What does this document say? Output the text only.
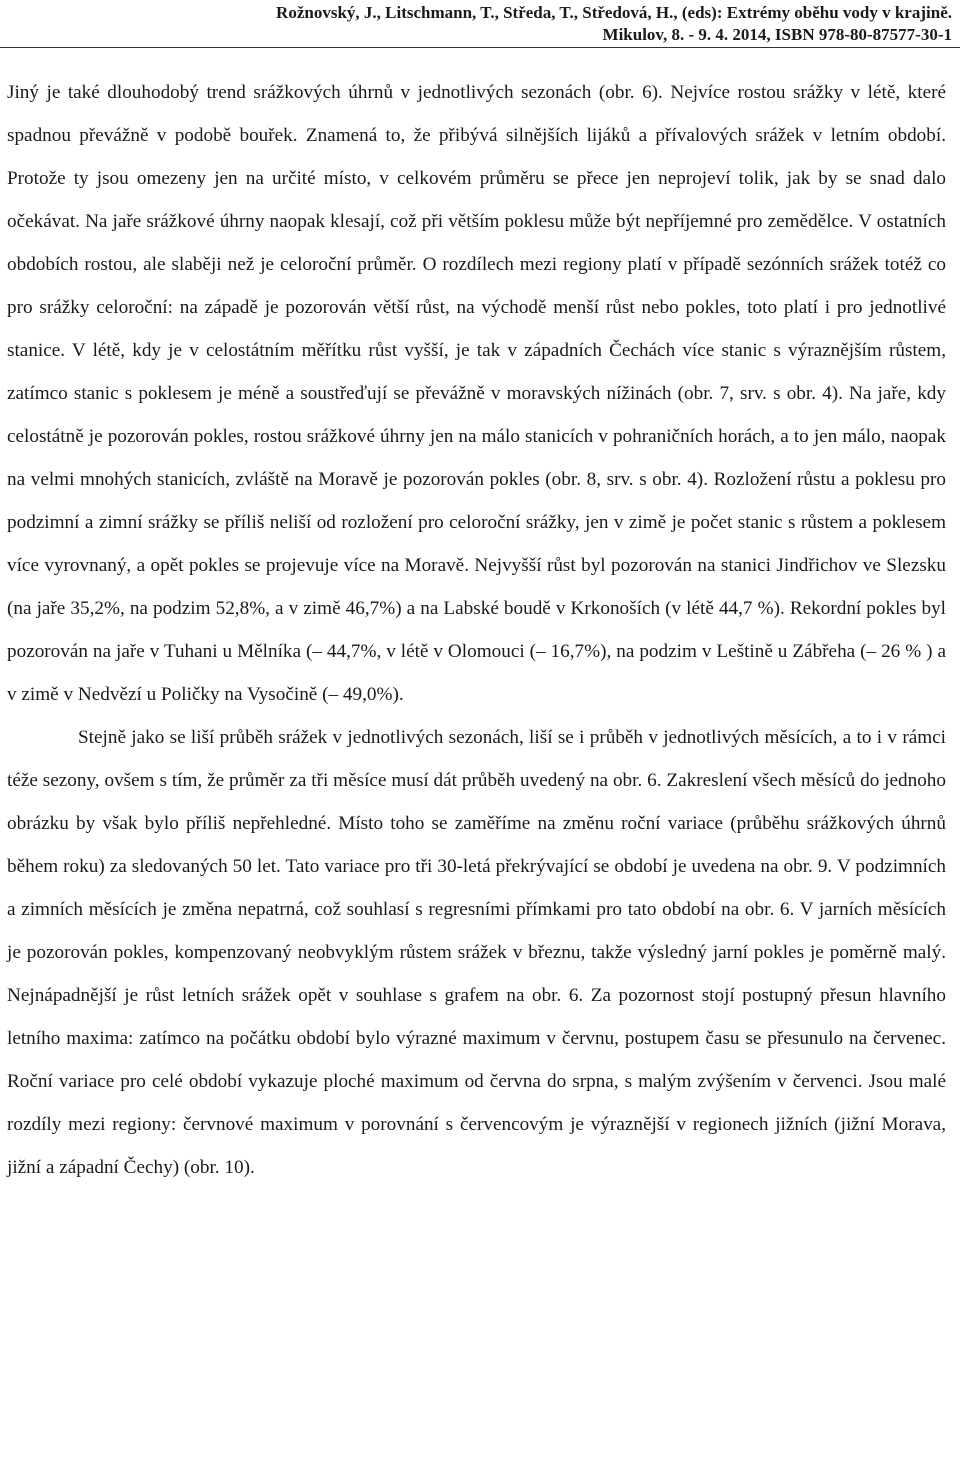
Rožnovský, J., Litschmann, T., Středa, T., Středová, H., (eds): Extrémy oběhu vody v krajině.
Mikulov, 8. - 9. 4. 2014, ISBN 978-80-87577-30-1

Jiný je také dlouhodobý trend srážkových úhrnů v jednotlivých sezonách (obr. 6). Nejvíce rostou srážky v létě, které spadnou převážně v podobě bouřek. Znamená to, že přibývá silnějších lijáků a přívalových srážek v letním období. Protože ty jsou omezeny jen na určité místo, v celkovém průměru se přece jen neprojeví tolik, jak by se snad dalo očekávat. Na jaře srážkové úhrny naopak klesají, což při větším poklesu může být nepříjemné pro zemědělce. V ostatních obdobích rostou, ale slaběji než je celoroční průměr. O rozdílech mezi regiony platí v případě sezónních srážek totéž co pro srážky celoroční: na západě je pozorován větší růst, na východě menší růst nebo pokles, toto platí i pro jednotlivé stanice. V létě, kdy je v celostátním měřítku růst vyšší, je tak v západních Čechách více stanic s výraznějším růstem, zatímco stanic s poklesem je méně a soustřeďují se převážně v moravských nížinách (obr. 7, srv. s obr. 4). Na jaře, kdy celostátně je pozorován pokles, rostou srážkové úhrny jen na málo stanicích v pohraničních horách, a to jen málo, naopak na velmi mnohých stanicích, zvláště na Moravě je pozorován pokles (obr. 8, srv. s obr. 4). Rozložení růstu a poklesu pro podzimní a zimní srážky se příliš neliší od rozložení pro celoroční srážky, jen v zimě je počet stanic s růstem a poklesem více vyrovnaný, a opět pokles se projevuje více na Moravě. Nejvyšší růst byl pozorován na stanici Jindřichov ve Slezsku (na jaře 35,2%, na podzim 52,8%, a v zimě 46,7%) a na Labské boudě v Krkonoších (v létě 44,7 %). Rekordní pokles byl pozorován na jaře v Tuhani u Mělníka (– 44,7%, v létě v Olomouci (– 16,7%), na podzim v Leštině u Zábřeha (– 26 % ) a v zimě v Nedvězí u Poličky na Vysočině (– 49,0%).

Stejně jako se liší průběh srážek v jednotlivých sezonách, liší se i průběh v jednotlivých měsících, a to i v rámci téže sezony, ovšem s tím, že průměr za tři měsíce musí dát průběh uvedený na obr. 6. Zakreslení všech měsíců do jednoho obrázku by však bylo příliš nepřehledné. Místo toho se zaměříme na změnu roční variace (průběhu srážkových úhrnů během roku) za sledovaných 50 let. Tato variace pro tři 30-letá překrývající se období je uvedena na obr. 9. V podzimních a zimních měsících je změna nepatrná, což souhlasí s regresními přímkami pro tato období na obr. 6. V jarních měsících je pozorován pokles, kompenzovaný neobvyklým růstem srážek v březnu, takže výsledný jarní pokles je poměrně malý. Nejnápadnější je růst letních srážek opět v souhlase s grafem na obr. 6. Za pozornost stojí postupný přesun hlavního letního maxima: zatímco na počátku období bylo výrazné maximum v červnu, postupem času se přesunulo na červenec. Roční variace pro celé období vykazuje ploché maximum od června do srpna, s malým zvýšením v červenci. Jsou malé rozdíly mezi regiony: červnové maximum v porovnání s červencovým je výraznější v regionech jižních (jižní Morava, jižní a západní Čechy) (obr. 10).
